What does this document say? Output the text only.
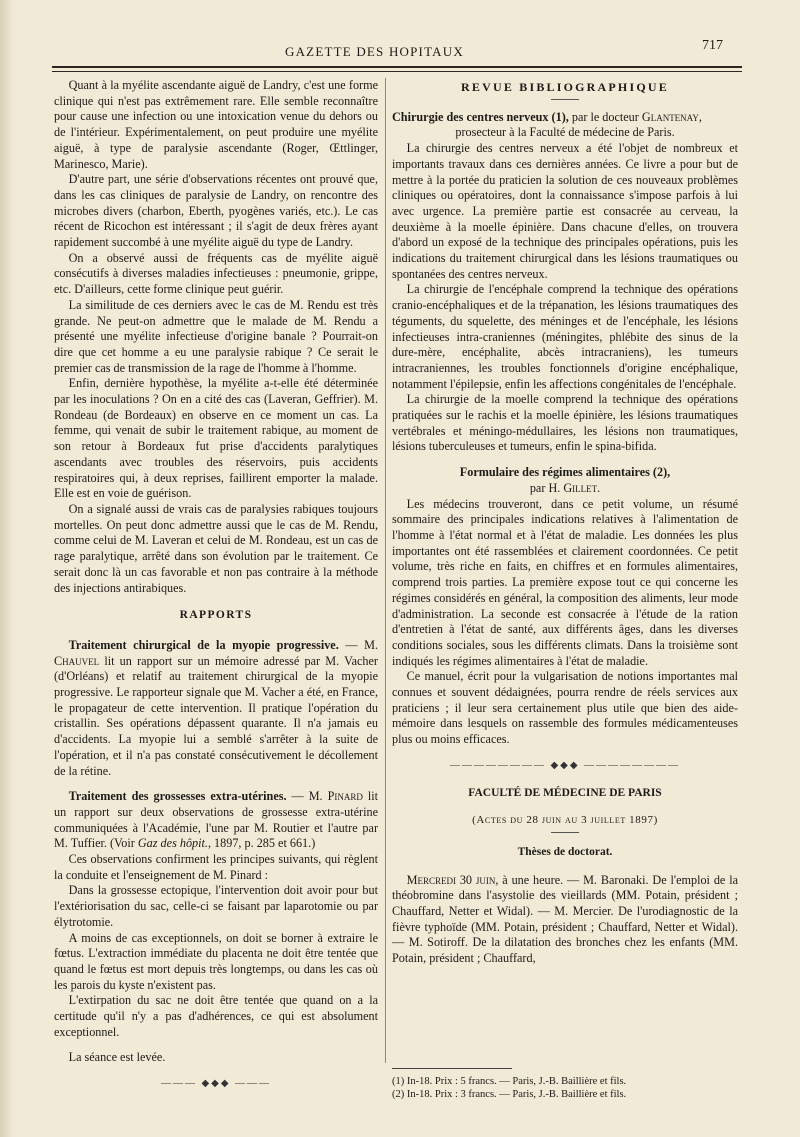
GAZETTE DES HOPITAUX	717

Quant à la myélite ascendante aiguë de Landry, c'est une forme clinique qui n'est pas extrêmement rare. Elle semble reconnaître pour cause une infection ou une intoxication venue du dehors ou de l'intérieur. Expérimentalement, on peut produire une myélite aiguë, à type de paralysie ascendante (Roger, Œttlinger, Marinesco, Marie).

D'autre part, une série d'observations récentes ont prouvé que, dans les cas cliniques de paralysie de Landry, on rencontre des microbes divers (charbon, Eberth, pyogènes variés, etc.). Le cas récent de Ricochon est intéressant ; il s'agit de deux frères ayant rapidement succombé à une myélite aiguë du type de Landry.

On a observé aussi de fréquents cas de myélite aiguë consécutifs à diverses maladies infectieuses : pneumonie, grippe, etc. D'ailleurs, cette forme clinique peut guérir.

La similitude de ces derniers avec le cas de M. Rendu est très grande. Ne peut-on admettre que le malade de M. Rendu a présenté une myélite infectieuse d'origine banale ? Pourrait-on dire que cet homme a eu une paralysie rabique ? Ce serait le premier cas de transmission de la rage de l'homme à l'homme.

Enfin, dernière hypothèse, la myélite a-t-elle été déterminée par les inoculations ? On en a cité des cas (Laveran, Geffrier). M. Rondeau (de Bordeaux) en observe en ce moment un cas. La femme, qui venait de subir le traitement rabique, au moment de son retour à Bordeaux fut prise d'accidents paralytiques ascendants avec troubles des réservoirs, puis accidents respiratoires qui, à deux reprises, faillirent emporter la malade. Elle est en voie de guérison.

On a signalé aussi de vrais cas de paralysies rabiques toujours mortelles. On peut donc admettre aussi que le cas de M. Rendu, comme celui de M. Laveran et celui de M. Rondeau, est un cas de rage paralytique, arrêté dans son évolution par le traitement. Ce serait donc là un cas favorable et non pas contraire à la méthode des injections antirabiques.

RAPPORTS

Traitement chirurgical de la myopie progressive. — M. Chauvel lit un rapport sur un mémoire adressé par M. Vacher (d'Orléans) et relatif au traitement chirurgical de la myopie progressive. Le rapporteur signale que M. Vacher a été, en France, le propagateur de cette intervention. Il pratique l'opération du cristallin. Ses opérations dépassent quarante. Il n'a jamais eu d'accidents. La myopie lui a semblé s'arrêter à la suite de l'opération, et il n'a pas constaté consécutivement le décollement de la rétine.

Traitement des grossesses extra-utérines. — M. Pinard lit un rapport sur deux observations de grossesse extra-utérine communiquées à l'Académie, l'une par M. Routier et l'autre par M. Tuffier. (Voir Gaz des hôpit., 1897, p. 285 et 661.)

Ces observations confirment les principes suivants, qui règlent la conduite et l'enseignement de M. Pinard :

Dans la grossesse ectopique, l'intervention doit avoir pour but l'extériorisation du sac, celle-ci se faisant par laparotomie ou par élytrotomie.

A moins de cas exceptionnels, on doit se borner à extraire le fœtus. L'extraction immédiate du placenta ne doit être tentée que quand le fœtus est mort depuis très longtemps, ou dans les cas où les parois du kyste n'existent pas.

L'extirpation du sac ne doit être tentée que quand on a la certitude qu'il n'y a pas d'adhérences, ce qui est absolument exceptionnel.

La séance est levée.

——— ◆◆◆ ———
REVUE BIBLIOGRAPHIQUE

Chirurgie des centres nerveux (1), par le docteur Glantenay,

prosecteur à la Faculté de médecine de Paris.

La chirurgie des centres nerveux a été l'objet de nombreux et importants travaux dans ces dernières années. Ce livre a pour but de mettre à la portée du praticien la solution de ces nouveaux problèmes cliniques ou opératoires, dont la connaissance s'impose parfois à lui avec urgence. La première partie est consacrée au cerveau, la deuxième à la moelle épinière. Dans chacune d'elles, on trouvera d'abord un exposé de la technique des principales opérations, puis les indications du traitement chirurgical dans les lésions traumatiques ou spontanées des centres nerveux.

La chirurgie de l'encéphale comprend la technique des opérations cranio-encéphaliques et de la trépanation, les lésions traumatiques des téguments, du squelette, des méninges et de l'encéphale, les lésions infectieuses intra-craniennes (méningites, phlébite des sinus de la dure-mère, encéphalite, abcès intracraniens), les tumeurs intracraniennes, les troubles fonctionnels d'origine encéphalique, notamment l'épilepsie, enfin les affections congénitales de l'encéphale.

La chirurgie de la moelle comprend la technique des opérations pratiquées sur le rachis et la moelle épinière, les lésions traumatiques vertébrales et méningo-médullaires, les lésions non traumatiques, lésions tuberculeuses et tumeurs, enfin le spina-bifida.

Formulaire des régimes alimentaires (2),

par H. Gillet.

Les médecins trouveront, dans ce petit volume, un résumé sommaire des principales indications relatives à l'alimentation de l'homme à l'état normal et à l'état de maladie. Les données les plus importantes ont été rassemblées et clairement coordonnées. Ce petit volume, très riche en faits, en chiffres et en formules alimentaires, comprend trois parties. La première expose tout ce qui concerne les régimes considérés en général, la composition des aliments, leur mode d'administration. La seconde est consacrée à l'étude de la ration d'entretien à l'état de santé, aux différents âges, dans les diverses conditions sociales, sous les différents climats. Dans la troisième sont indiqués les régimes alimentaires à l'état de maladie.

Ce manuel, écrit pour la vulgarisation de notions importantes mal connues et souvent dédaignées, pourra rendre de réels services aux praticiens ; il leur sera certainement plus utile que bien des aide-mémoire dans lesquels on rassemble des formules médicamenteuses plus ou moins efficaces.

———————— ◆◆◆ ————————
FACULTÉ DE MÉDECINE DE PARIS
(Actes du 28 juin au 3 juillet 1897)
Thèses de doctorat.

Mercredi 30 juin, à une heure. — M. Baronaki. De l'emploi de la théobromine dans l'asystolie des vieillards (MM. Potain, président ; Chauffard, Netter et Widal). — M. Mercier. De l'urodiagnostic de la fièvre typhoïde (MM. Potain, président ; Chauffard, Netter et Widal). — M. Sotiroff. De la dilatation des bronches chez les enfants (MM. Potain, président ; Chauffard,

(1) In-18. Prix : 5 francs. — Paris, J.-B. Baillière et fils.
(2) In-18. Prix : 3 francs. — Paris, J.-B. Baillière et fils.
